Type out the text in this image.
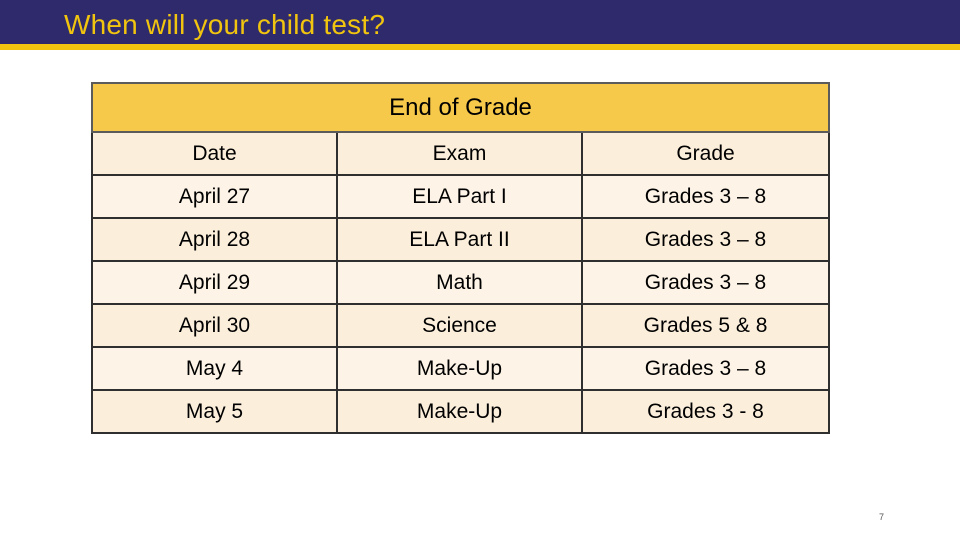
When will your child test?
End of Grade		
Date	Exam	Grade
April 27	ELA Part I	Grades 3 – 8
April 28	ELA Part II	Grades 3 – 8
April 29	Math	Grades 3 – 8
April 30	Science	Grades 5 & 8
May 4	Make-Up	Grades 3 – 8
May 5	Make-Up	Grades 3 - 8
7
